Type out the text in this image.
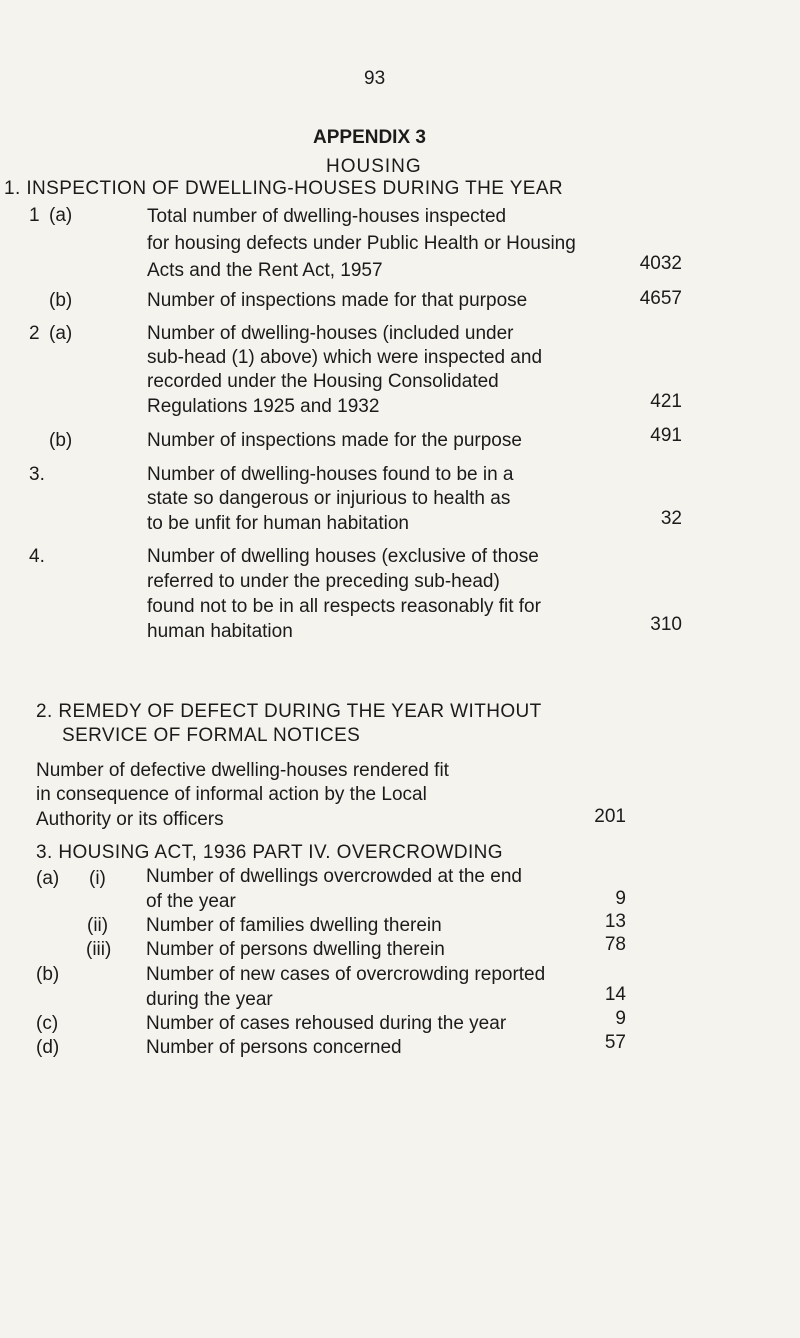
93
APPENDIX 3
HOUSING
1. INSPECTION OF DWELLING-HOUSES DURING THE YEAR
1 (a)	Total number of dwelling-houses inspected
for housing defects under Public Health or Housing
Acts and the Rent Act, 1957	4032
(b)	Number of inspections made for that purpose	4657
2 (a)	Number of dwelling-houses (included under
sub-head (1) above) which were inspected and
recorded under the Housing Consolidated
Regulations 1925 and 1932	421
(b)	Number of inspections made for the purpose	491
3.	Number of dwelling-houses found to be in a
state so dangerous or injurious to health as
to be unfit for human habitation	32
4.	Number of dwelling houses (exclusive of those
referred to under the preceding sub-head)
found not to be in all respects reasonably fit for
human habitation	310
2. REMEDY OF DEFECT DURING THE YEAR WITHOUT
SERVICE OF FORMAL NOTICES
Number of defective dwelling-houses rendered fit
in consequence of informal action by the Local
Authority or its officers	201
3. HOUSING ACT, 1936 PART IV. OVERCROWDING
(a) (i) Number of dwellings overcrowded at the end
of the year	9
(ii) Number of families dwelling therein	13
(iii) Number of persons dwelling therein	78
(b)	Number of new cases of overcrowding reported
during the year	14
(c)	Number of cases rehoused during the year	9
(d)	Number of persons concerned	57
